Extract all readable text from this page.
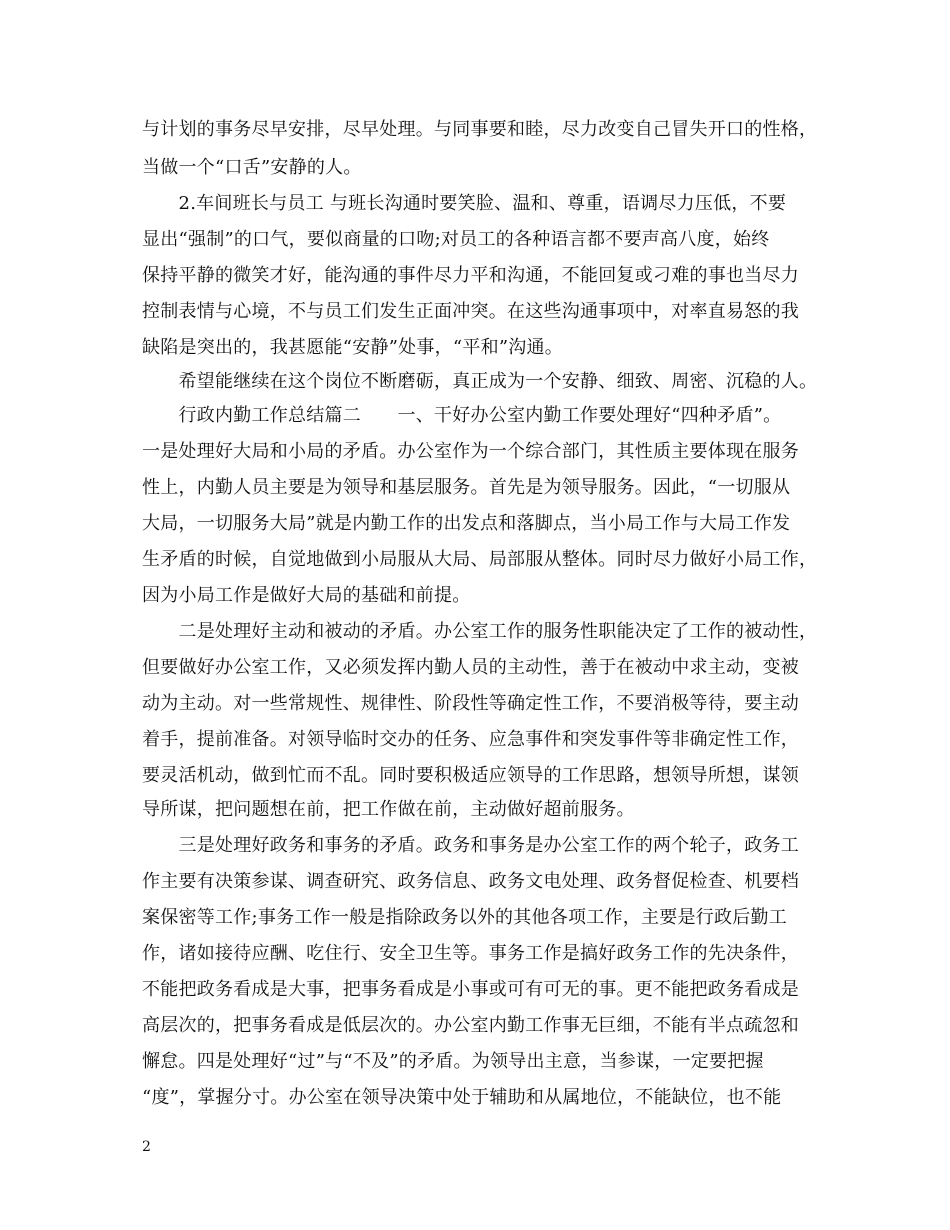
与计划的事务尽早安排，尽早处理。与同事要和睦，尽力改变自己冒失开口的性格，
当做一个“口舌”安静的人。
　　2.车间班长与员工 与班长沟通时要笑脸、温和、尊重，语调尽力压低，不要
显出“强制”的口气，要似商量的口吻;对员工的各种语言都不要声高八度，始终
保持平静的微笑才好，能沟通的事件尽力平和沟通，不能回复或刁难的事也当尽力
控制表情与心境，不与员工们发生正面冲突。在这些沟通事项中，对率直易怒的我
缺陷是突出的，我甚愿能“安静”处事，“平和”沟通。
　　希望能继续在这个岗位不断磨砺，真正成为一个安静、细致、周密、沉稳的人。
　　行政内勤工作总结篇二　　一、干好办公室内勤工作要处理好“四种矛盾”。
一是处理好大局和小局的矛盾。办公室作为一个综合部门，其性质主要体现在服务
性上，内勤人员主要是为领导和基层服务。首先是为领导服务。因此，“一切服从
大局，一切服务大局”就是内勤工作的出发点和落脚点，当小局工作与大局工作发
生矛盾的时候，自觉地做到小局服从大局、局部服从整体。同时尽力做好小局工作，
因为小局工作是做好大局的基础和前提。
　　二是处理好主动和被动的矛盾。办公室工作的服务性职能决定了工作的被动性，
但要做好办公室工作，又必须发挥内勤人员的主动性，善于在被动中求主动，变被
动为主动。对一些常规性、规律性、阶段性等确定性工作，不要消极等待，要主动
着手，提前准备。对领导临时交办的任务、应急事件和突发事件等非确定性工作，
要灵活机动，做到忙而不乱。同时要积极适应领导的工作思路，想领导所想，谋领
导所谋，把问题想在前，把工作做在前，主动做好超前服务。
　　三是处理好政务和事务的矛盾。政务和事务是办公室工作的两个轮子，政务工
作主要有决策参谋、调查研究、政务信息、政务文电处理、政务督促检查、机要档
案保密等工作;事务工作一般是指除政务以外的其他各项工作，主要是行政后勤工
作，诸如接待应酬、吃住行、安全卫生等。事务工作是搞好政务工作的先决条件，
不能把政务看成是大事，把事务看成是小事或可有可无的事。更不能把政务看成是
高层次的，把事务看成是低层次的。办公室内勤工作事无巨细，不能有半点疏忽和
懈怠。四是处理好“过”与“不及”的矛盾。为领导出主意，当参谋，一定要把握
“度”，掌握分寸。办公室在领导决策中处于辅助和从属地位，不能缺位，也不能
2
